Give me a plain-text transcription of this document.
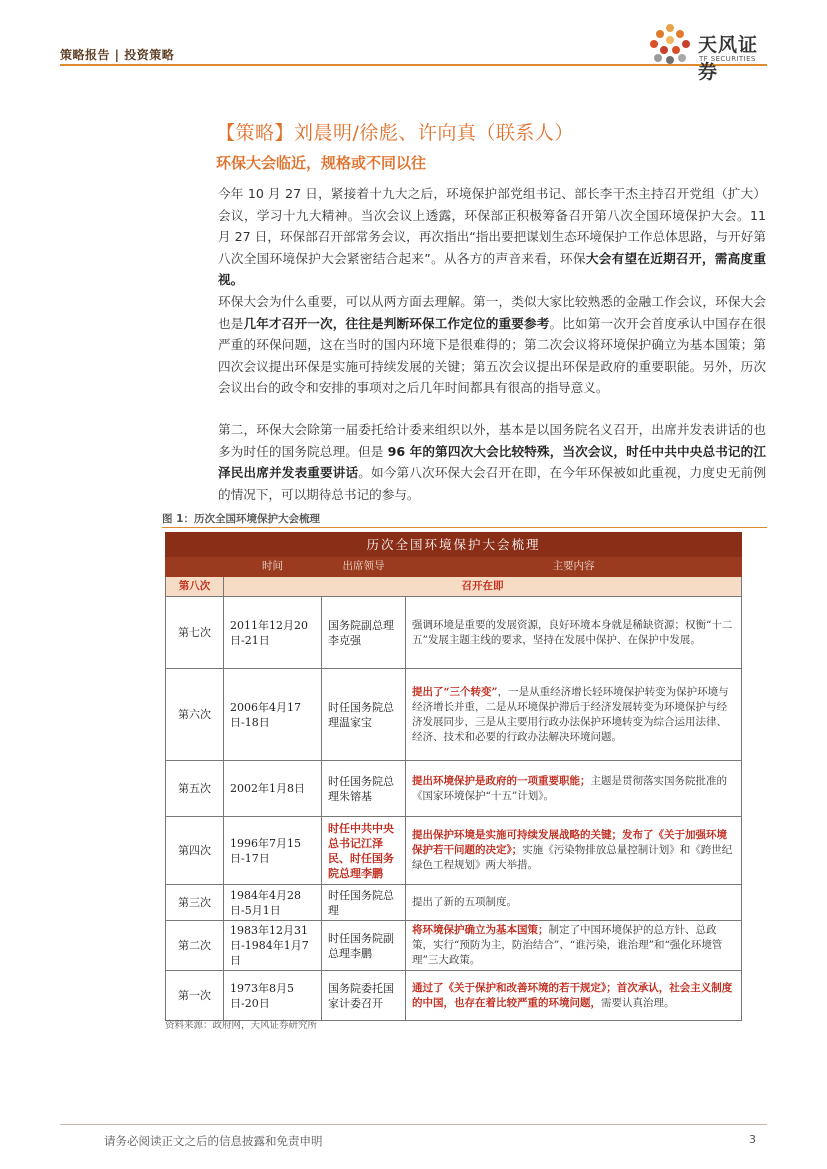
策略报告 | 投资策略	天风证券
TF SECURITIES
【策略】刘晨明/徐彪、许向真（联系人）
环保大会临近，规格或不同以往
今年 10 月 27 日，紧接着十九大之后，环境保护部党组书记、部长李干杰主持召开党组（扩大）会议，学习十九大精神。当次会议上透露，环保部正积极筹备召开第八次全国环境保护大会。11 月 27 日，环保部召开部常务会议，再次指出“指出要把谋划生态环境保护工作总体思路，与开好第八次全国环境保护大会紧密结合起来”。从各方的声音来看，环保大会有望在近期召开，需高度重视。
环保大会为什么重要，可以从两方面去理解。第一，类似大家比较熟悉的金融工作会议，环保大会也是几年才召开一次，往往是判断环保工作定位的重要参考。比如第一次开会首度承认中国存在很严重的环保问题，这在当时的国内环境下是很难得的；第二次会议将环境保护确立为基本国策；第四次会议提出环保是实施可持续发展的关键；第五次会议提出环保是政府的重要职能。另外，历次会议出台的政令和安排的事项对之后几年时间都具有很高的指导意义。
第二，环保大会除第一届委托给计委来组织以外，基本是以国务院名义召开，出席并发表讲话的也多为时任的国务院总理。但是 96 年的第四次大会比较特殊，当次会议，时任中共中央总书记的江泽民出席并发表重要讲话。如今第八次环保大会召开在即，在今年环保被如此重视，力度史无前例的情况下，可以期待总书记的参与。
图 1：历次全国环境保护大会梳理
历次全国环境保护大会梳理			
	时间	出席领导	主要内容
第八次	召开在即		
第七次	2011年12月20日-21日	国务院副总理李克强	强调环境是重要的发展资源，良好环境本身就是稀缺资源；权衡“十二五”发展主题主线的要求，坚持在发展中保护、在保护中发展。
第六次	2006年4月17日-18日	时任国务院总理温家宝	提出了“三个转变”，一是从重经济增长轻环境保护转变为保护环境与经济增长并重，二是从环境保护滞后于经济发展转变为环境保护与经济发展同步，三是从主要用行政办法保护环境转变为综合运用法律、经济、技术和必要的行政办法解决环境问题。
第五次	2002年1月8日	时任国务院总理朱镕基	提出环境保护是政府的一项重要职能；主题是贯彻落实国务院批准的《国家环境保护“十五”计划》。
第四次	1996年7月15日-17日	时任中共中央总书记江泽民、时任国务院总理李鹏	提出保护环境是实施可持续发展战略的关键；发布了《关于加强环境保护若干问题的决定》；实施《污染物排放总量控制计划》和《跨世纪绿色工程规划》两大举措。
第三次	1984年4月28日-5月1日	时任国务院总理	提出了新的五项制度。
第二次	1983年12月31日-1984年1月7日	时任国务院副总理李鹏	将环境保护确立为基本国策；制定了中国环境保护的总方针、总政策，实行“预防为主，防治结合”、“谁污染，谁治理”和“强化环境管理”三大政策。
第一次	1973年8月5日-20日	国务院委托国家计委召开	通过了《关于保护和改善环境的若干规定》；首次承认，社会主义制度的中国，也存在着比较严重的环境问题，需要认真治理。
资料来源：政府网，天风证券研究所
请务必阅读正文之后的信息披露和免责申明	3
